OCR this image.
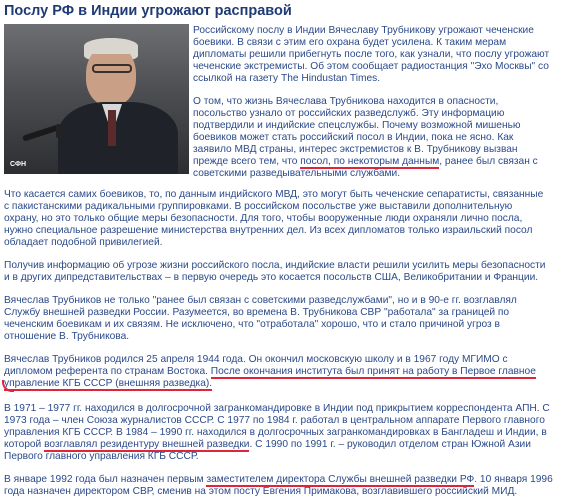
Послу РФ в Индии угрожают расправой
СФН

Российскому послу в Индии Вячеславу Трубникову угрожают чеченские

боевики. В связи с этим его охрана будет усилена. К таким мерам

дипломаты решили прибегнуть после того, как узнали, что послу угрожают

чеченские экстремисты. Об этом сообщает радиостанция "Эхо Москвы" со

ссылкой на газету The Hindustan Times.

О том, что жизнь Вячеслава Трубникова находится в опасности,

посольство узнало от российских разведслужб. Эту информацию

подтвердили и индийские спецслужбы. Почему возможной мишенью

боевиков может стать российский посол в Индии, пока не ясно. Как

заявило МВД страны, интерес экстремистов к В. Трубникову вызван

прежде всего тем, что посол, по некоторым данным, ранее был связан с

советскими разведывательными службами.

Что касается самих боевиков, то, по данным индийского МВД, это могут быть чеченские сепаратисты, связанные

с пакистанскими радикальными группировками. В российском посольстве уже выставили дополнительную

охрану, но это только общие меры безопасности. Для того, чтобы вооруженные люди охраняли лично посла,

нужно специальное разрешение министерства внутренних дел. Из всех дипломатов только израильский посол

обладает подобной привилегией.

Получив информацию об угрозе жизни российского посла, индийские власти решили усилить меры безопасности

и в других дипредставительствах – в первую очередь это косается посольств США, Великобритании и Франции.

Вячеслав Трубников не только "ранее был связан с советскими разведслужбами", но и в 90-е гг. возглавлял

Службу внешней разведки России. Разумеется, во времена В. Трубникова СВР "работала" за границей по

чеченским боевикам и их связям. Не исключено, что "отработала" хорошо, что и стало причиной угроз в

отношение В. Трубникова.

Вячеслав Трубников родился 25 апреля 1944 года. Он окончил московскую школу и в 1967 году МГИМО с

дипломом референта по странам Востока. После окончания института был принят на работу в Первое главное

управление КГБ СССР (внешняя разведка).

В 1971 – 1977 гг. находился в долгосрочной загранкомандировке в Индии под прикрытием корреспондента АПН. С

1973 года – член Союза журналистов СССР. С 1977 по 1984 г. работал в центральном аппарате Первого главного

управления КГБ СССР. В 1984 – 1990 гг. находился в долгосрочных загранкомандировках в Бангладеш и Индии, в

которой возглавлял резидентуру внешней разведки. С 1990 по 1991 г. – руководил отделом стран Южной Азии

Первого главного управления КГБ СССР.

В январе 1992 года был назначен первым заместителем директора Службы внешней разведки РФ. 10 января 1996

года назначен директором СВР, сменив на этом посту Евгения Примакова, возглавившего российский МИД.
